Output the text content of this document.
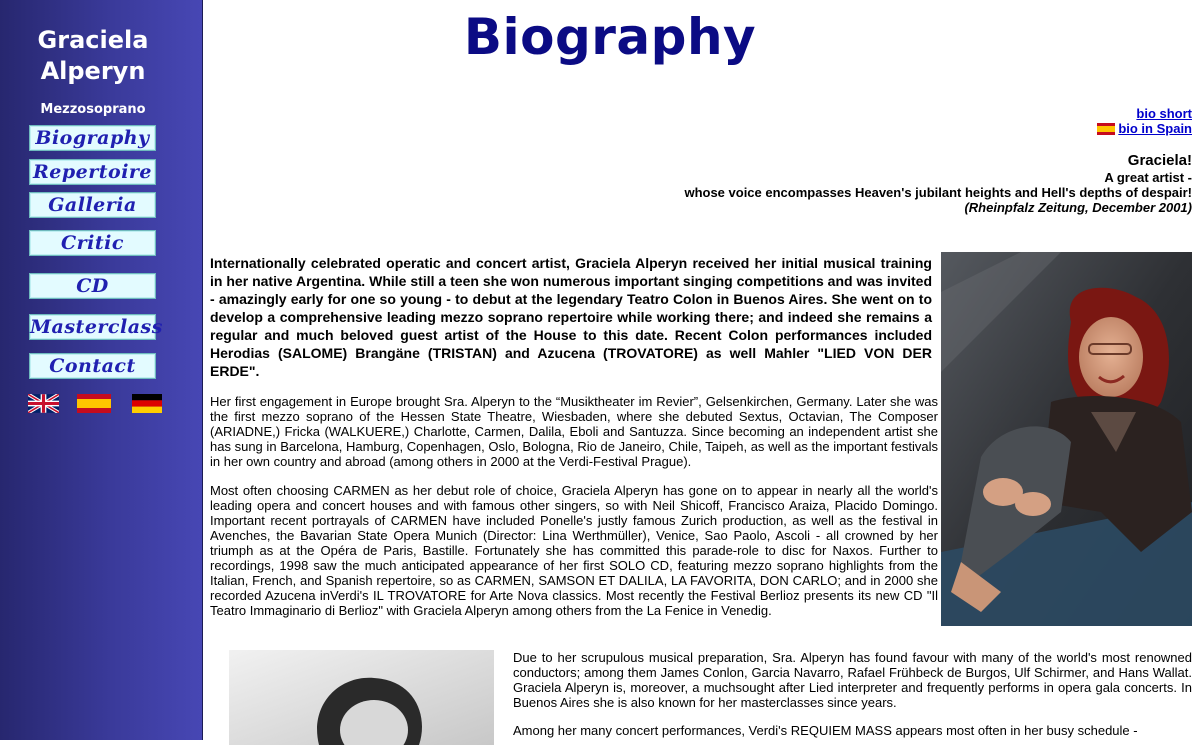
Graciela
Alperyn
Mezzosoprano
Biography
Repertoire
Galleria
Critic
CD
Masterclass
Contact
Biography
bio short
bio in Spain
Graciela!
A great artist -
whose voice encompasses Heaven's jubilant heights and Hell's depths of despair!
(Rheinpfalz Zeitung, December 2001)

Internationally celebrated operatic and concert artist, Graciela Alperyn received her initial musical training in her native Argentina. While still a teen she won numerous important singing competitions and was invited - amazingly early for one so young - to debut at the legendary Teatro Colon in Buenos Aires. She went on to develop a comprehensive leading mezzo soprano repertoire while working there; and indeed she remains a regular and much beloved guest artist of the House to this date. Recent Colon performances included Herodias (SALOME) Brangäne (TRISTAN) and Azucena (TROVATORE) as well Mahler "LIED VON DER ERDE".

Her first engagement in Europe brought Sra. Alperyn to the “Musiktheater im Revier”, Gelsenkirchen, Germany. Later she was the first mezzo soprano of the Hessen State Theatre, Wiesbaden, where she debuted Sextus, Octavian, The Composer (ARIADNE,) Fricka (WALKUERE,) Charlotte, Carmen, Dalila, Eboli and Santuzza. Since becoming an independent artist she has sung in Barcelona, Hamburg, Copenhagen, Oslo, Bologna, Rio de Janeiro, Chile, Taipeh, as well as the important festivals in her own country and abroad (among others in 2000 at the Verdi-Festival Prague).

Most often choosing CARMEN as her debut role of choice, Graciela Alperyn has gone on to appear in nearly all the world's leading opera and concert houses and with famous other singers, so with Neil Shicoff, Francisco Araiza, Placido Domingo. Important recent portrayals of CARMEN have included Ponelle's justly famous Zurich production, as well as the festival in Avenches, the Bavarian State Opera Munich (Director: Lina Werthmüller), Venice, Sao Paolo, Ascoli - all crowned by her triumph as at the Opéra de Paris, Bastille. Fortunately she has committed this parade-role to disc for Naxos. Further to recordings, 1998 saw the much anticipated appearance of her first SOLO CD, featuring mezzo soprano highlights from the Italian, French, and Spanish repertoire, so as CARMEN, SAMSON ET DALILA, LA FAVORITA, DON CARLO; and in 2000 she recorded Azucena inVerdi's IL TROVATORE for Arte Nova classics. Most recently the Festival Berlioz presents its new CD "Il Teatro Immaginario di Berlioz" with Graciela Alperyn among others from the La Fenice in Venedig.

Due to her scrupulous musical preparation, Sra. Alperyn has found favour with many of the world's most renowned conductors; among them James Conlon, Garcia Navarro, Rafael Frühbeck de Burgos, Ulf Schirmer, and Hans Wallat. Graciela Alperyn is, moreover, a muchsought after Lied interpreter and frequently performs in opera gala concerts. In Buenos Aires she is also known for her masterclasses since years.

Among her many concert performances, Verdi's REQUIEM MASS appears most often in her busy schedule -
